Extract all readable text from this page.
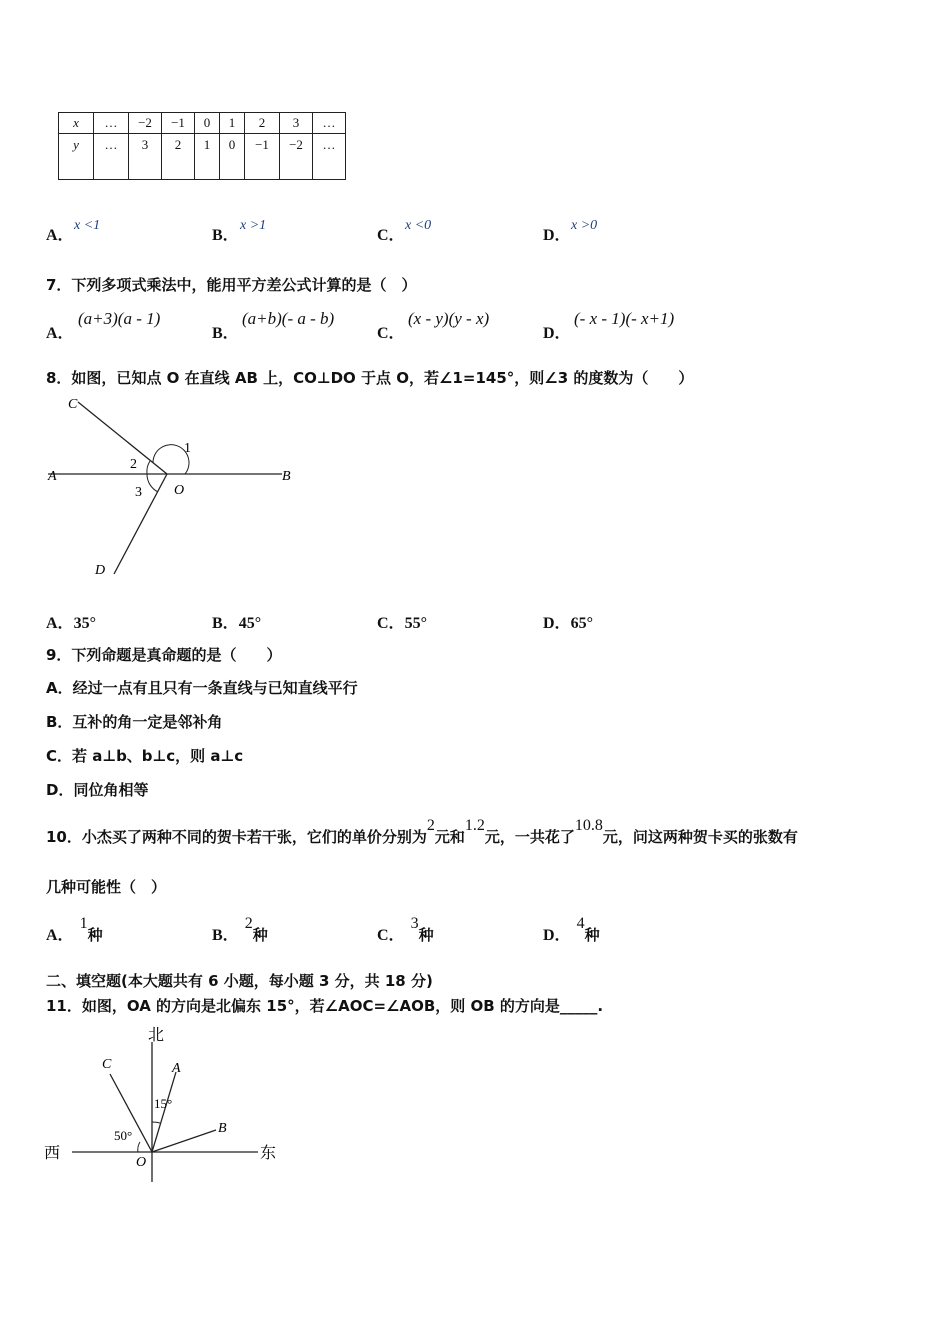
x	…	−2	−1	0	1	2	3	…
y	…	3	2	1	0	−1	−2	…
A．
x <1
B．
x >1
C．
x <0
D．
x >0
7．下列多项式乘法中，能用平方差公式计算的是（　）
A．
(a+3)(a - 1)
B．
(a+b)(- a - b)
C．
(x - y)(y - x)
D．
(- x - 1)(- x+1)
8．如图，已知点 O 在直线 AB 上，CO⊥DO 于点 O，若∠1=145°，则∠3 的度数为（　　）
C
A	B
O
D
1
2
3
A．35°	B．45°	C．55°	D．65°
9．下列命题是真命题的是（　　）
A．经过一点有且只有一条直线与已知直线平行
B．互补的角一定是邻补角
C．若 a⊥b、b⊥c，则 a⊥c
D．同位角相等
10．小杰买了两种不同的贺卡若干张，它们的单价分别为2元和1.2元，一共花了10.8元，问这两种贺卡买的张数有
几种可能性（　）
A．1种	B．2种	C．3种	D．4种
二、填空题(本大题共有 6 小题，每小题 3 分，共 18 分)
11．如图，OA 的方向是北偏东 15°，若∠AOC=∠AOB，则 OB 的方向是_____.
北
西	东
C	A
B
O
15°
50°
